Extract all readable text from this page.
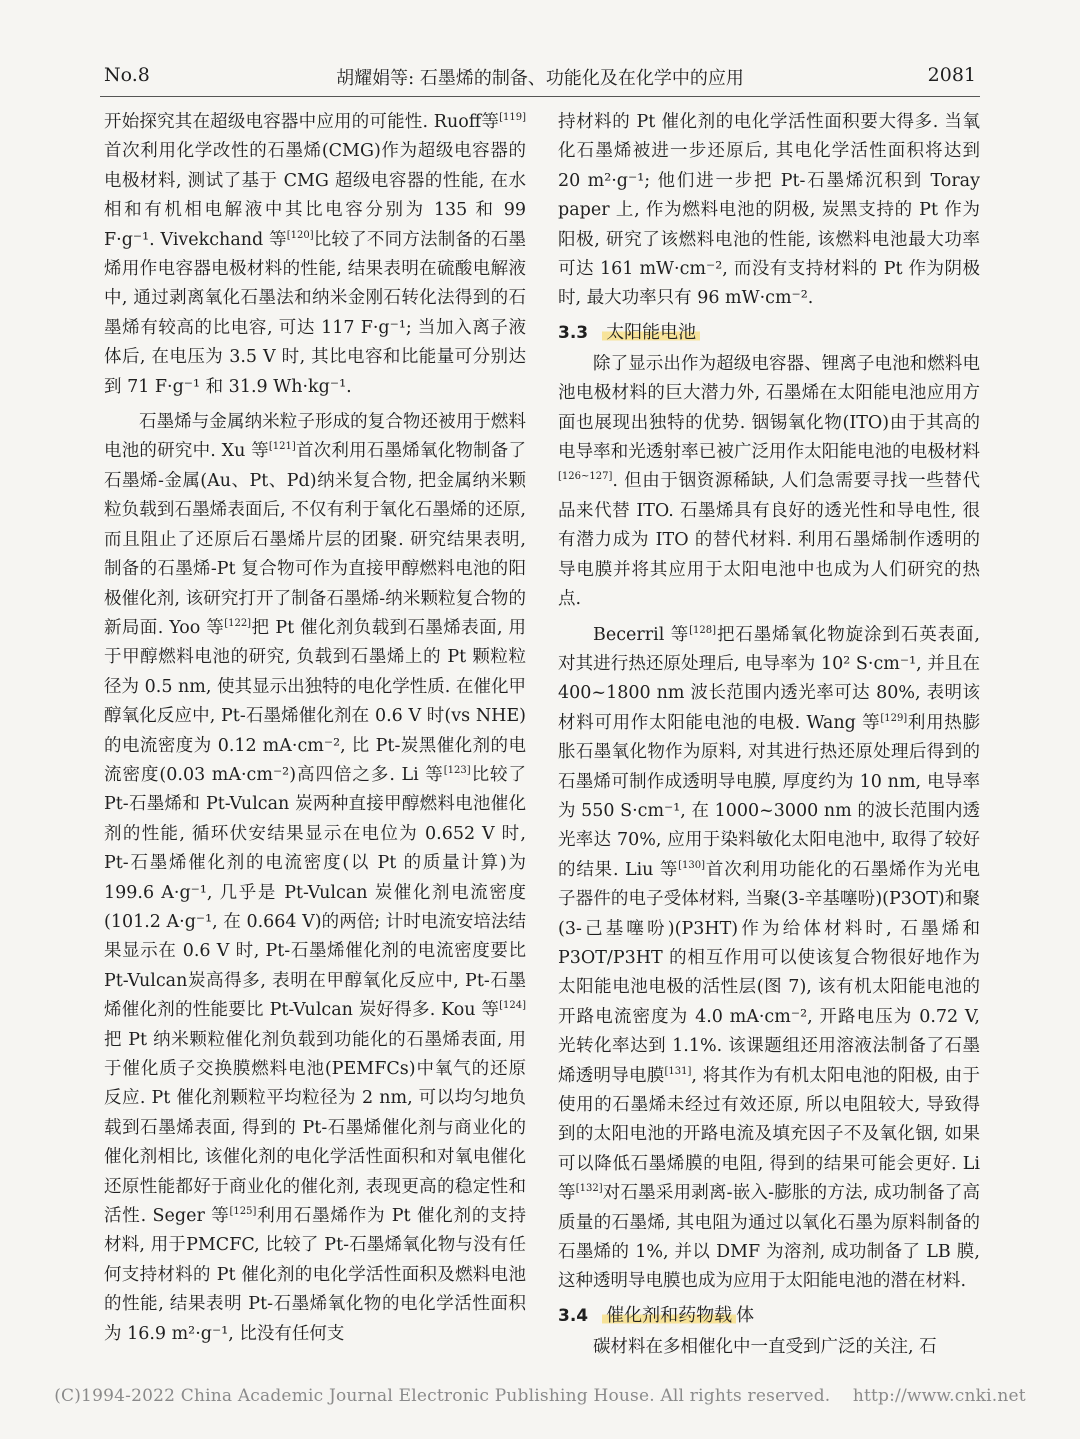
No.8	胡耀娟等: 石墨烯的制备、功能化及在化学中的应用	2081

开始探究其在超级电容器中应用的可能性. Ruoff等[119]首次利用化学改性的石墨烯(CMG)作为超级电容器的电极材料, 测试了基于 CMG 超级电容器的性能, 在水相和有机相电解液中其比电容分别为 135 和 99 F·g⁻¹. Vivekchand 等[120]比较了不同方法制备的石墨烯用作电容器电极材料的性能, 结果表明在硫酸电解液中, 通过剥离氧化石墨法和纳米金刚石转化法得到的石墨烯有较高的比电容, 可达 117 F·g⁻¹; 当加入离子液体后, 在电压为 3.5 V 时, 其比电容和比能量可分别达到 71 F·g⁻¹ 和 31.9 Wh·kg⁻¹.

石墨烯与金属纳米粒子形成的复合物还被用于燃料电池的研究中. Xu 等[121]首次利用石墨烯氧化物制备了石墨烯-金属(Au、Pt、Pd)纳米复合物, 把金属纳米颗粒负载到石墨烯表面后, 不仅有利于氧化石墨烯的还原, 而且阻止了还原后石墨烯片层的团聚. 研究结果表明, 制备的石墨烯-Pt 复合物可作为直接甲醇燃料电池的阳极催化剂, 该研究打开了制备石墨烯-纳米颗粒复合物的新局面. Yoo 等[122]把 Pt 催化剂负载到石墨烯表面, 用于甲醇燃料电池的研究, 负载到石墨烯上的 Pt 颗粒粒径为 0.5 nm, 使其显示出独特的电化学性质. 在催化甲醇氧化反应中, Pt-石墨烯催化剂在 0.6 V 时(vs NHE)的电流密度为 0.12 mA·cm⁻², 比 Pt-炭黑催化剂的电流密度(0.03 mA·cm⁻²)高四倍之多. Li 等[123]比较了 Pt-石墨烯和 Pt-Vulcan 炭两种直接甲醇燃料电池催化剂的性能, 循环伏安结果显示在电位为 0.652 V 时, Pt-石墨烯催化剂的电流密度(以 Pt 的质量计算)为 199.6 A·g⁻¹, 几乎是 Pt-Vulcan 炭催化剂电流密度(101.2 A·g⁻¹, 在 0.664 V)的两倍; 计时电流安培法结果显示在 0.6 V 时, Pt-石墨烯催化剂的电流密度要比 Pt-Vulcan炭高得多, 表明在甲醇氧化反应中, Pt-石墨烯催化剂的性能要比 Pt-Vulcan 炭好得多. Kou 等[124]把 Pt 纳米颗粒催化剂负载到功能化的石墨烯表面, 用于催化质子交换膜燃料电池(PEMFCs)中氧气的还原反应. Pt 催化剂颗粒平均粒径为 2 nm, 可以均匀地负载到石墨烯表面, 得到的 Pt-石墨烯催化剂与商业化的催化剂相比, 该催化剂的电化学活性面积和对氧电催化还原性能都好于商业化的催化剂, 表现更高的稳定性和活性. Seger 等[125]利用石墨烯作为 Pt 催化剂的支持材料, 用于PMCFC, 比较了 Pt-石墨烯氧化物与没有任何支持材料的 Pt 催化剂的电化学活性面积及燃料电池的性能, 结果表明 Pt-石墨烯氧化物的电化学活性面积为 16.9 m²·g⁻¹, 比没有任何支

持材料的 Pt 催化剂的电化学活性面积要大得多. 当氧化石墨烯被进一步还原后, 其电化学活性面积将达到 20 m²·g⁻¹; 他们进一步把 Pt-石墨烯沉积到 Toray paper 上, 作为燃料电池的阴极, 炭黑支持的 Pt 作为阳极, 研究了该燃料电池的性能, 该燃料电池最大功率可达 161 mW·cm⁻², 而没有支持材料的 Pt 作为阴极时, 最大功率只有 96 mW·cm⁻².

3.3 太阳能电池

除了显示出作为超级电容器、锂离子电池和燃料电池电极材料的巨大潜力外, 石墨烯在太阳能电池应用方面也展现出独特的优势. 铟锡氧化物(ITO)由于其高的电导率和光透射率已被广泛用作太阳能电池的电极材料[126~127]. 但由于铟资源稀缺, 人们急需要寻找一些替代品来代替 ITO. 石墨烯具有良好的透光性和导电性, 很有潜力成为 ITO 的替代材料. 利用石墨烯制作透明的导电膜并将其应用于太阳电池中也成为人们研究的热点.

Becerril 等[128]把石墨烯氧化物旋涂到石英表面, 对其进行热还原处理后, 电导率为 10² S·cm⁻¹, 并且在 400~1800 nm 波长范围内透光率可达 80%, 表明该材料可用作太阳能电池的电极. Wang 等[129]利用热膨胀石墨氧化物作为原料, 对其进行热还原处理后得到的石墨烯可制作成透明导电膜, 厚度约为 10 nm, 电导率为 550 S·cm⁻¹, 在 1000~3000 nm 的波长范围内透光率达 70%, 应用于染料敏化太阳电池中, 取得了较好的结果. Liu 等[130]首次利用功能化的石墨烯作为光电子器件的电子受体材料, 当聚(3-辛基噻吩)(P3OT)和聚(3-己基噻吩)(P3HT)作为给体材料时, 石墨烯和 P3OT/P3HT 的相互作用可以使该复合物很好地作为太阳能电池电极的活性层(图 7), 该有机太阳能电池的开路电流密度为 4.0 mA·cm⁻², 开路电压为 0.72 V, 光转化率达到 1.1%. 该课题组还用溶液法制备了石墨烯透明导电膜[131], 将其作为有机太阳电池的阳极, 由于使用的石墨烯未经过有效还原, 所以电阻较大, 导致得到的太阳电池的开路电流及填充因子不及氧化铟, 如果可以降低石墨烯膜的电阻, 得到的结果可能会更好. Li 等[132]对石墨采用剥离-嵌入-膨胀的方法, 成功制备了高质量的石墨烯, 其电阻为通过以氧化石墨为原料制备的石墨烯的 1%, 并以 DMF 为溶剂, 成功制备了 LB 膜, 这种透明导电膜也成为应用于太阳能电池的潜在材料.

3.4 催化剂和药物载 体

碳材料在多相催化中一直受到广泛的关注, 石

(C)1994-2022 China Academic Journal Electronic Publishing House. All rights reserved. http://www.cnki.net
